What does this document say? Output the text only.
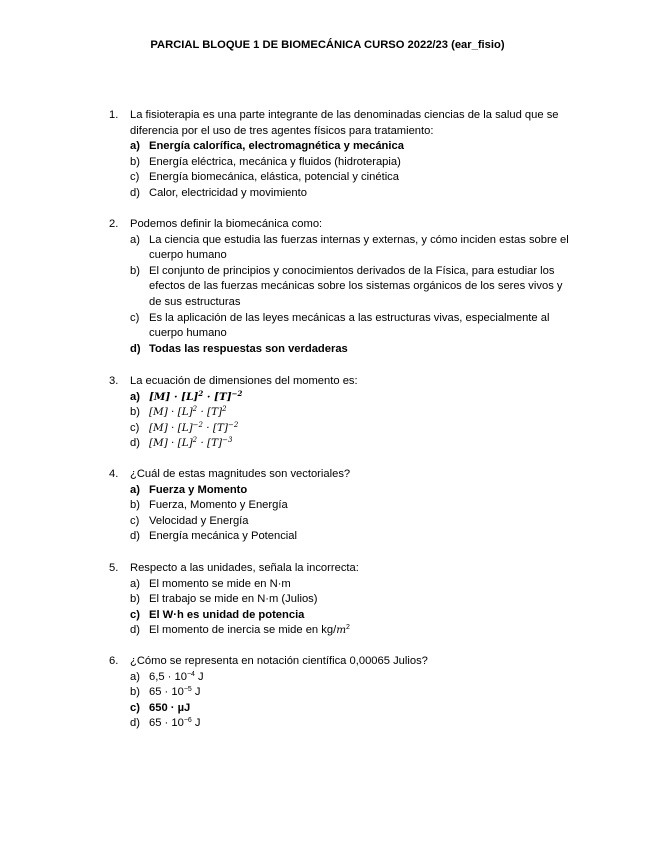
PARCIAL BLOQUE 1 DE BIOMECÁNICA CURSO 2022/23 (ear_fisio)
1.	La fisioterapia es una parte integrante de las denominadas ciencias de la salud que se diferencia por el uso de tres agentes físicos para tratamiento:
a) Energía calorífica, electromagnética y mecánica
b) Energía eléctrica, mecánica y fluidos (hidroterapia)
c) Energía biomecánica, elástica, potencial y cinética
d) Calor, electricidad y movimiento
2.	Podemos definir la biomecánica como:
a) La ciencia que estudia las fuerzas internas y externas, y cómo inciden estas sobre el cuerpo humano
b) El conjunto de principios y conocimientos derivados de la Física, para estudiar los efectos de las fuerzas mecánicas sobre los sistemas orgánicos de los seres vivos y de sus estructuras
c) Es la aplicación de las leyes mecánicas a las estructuras vivas, especialmente al cuerpo humano
d) Todas las respuestas son verdaderas
3.	La ecuación de dimensiones del momento es:
a) $[M] \cdot [L]^2 \cdot [T]^{-2}$
b) $[M] \cdot [L]^2 \cdot [T]^2$
c) $[M] \cdot [L]^{-2} \cdot [T]^{-2}$
d) $[M] \cdot [L]^2 \cdot [T]^{-3}$
4.	¿Cuál de estas magnitudes son vectoriales?
a) Fuerza y Momento
b) Fuerza, Momento y Energía
c) Velocidad y Energía
d) Energía mecánica y Potencial
5.	Respecto a las unidades, señala la incorrecta:
a) El momento se mide en N·m
b) El trabajo se mide en N·m (Julios)
c) El W·h es unidad de potencia
d) El momento de inercia se mide en $kg/m^2$
6.	¿Cómo se representa en notación científica 0,00065 Julios?
a) $6,5 \cdot 10^{-4}$ J
b) $65 \cdot 10^{-5}$ J
c) 650 · µJ
d) $65 \cdot 10^{-6}$ J
